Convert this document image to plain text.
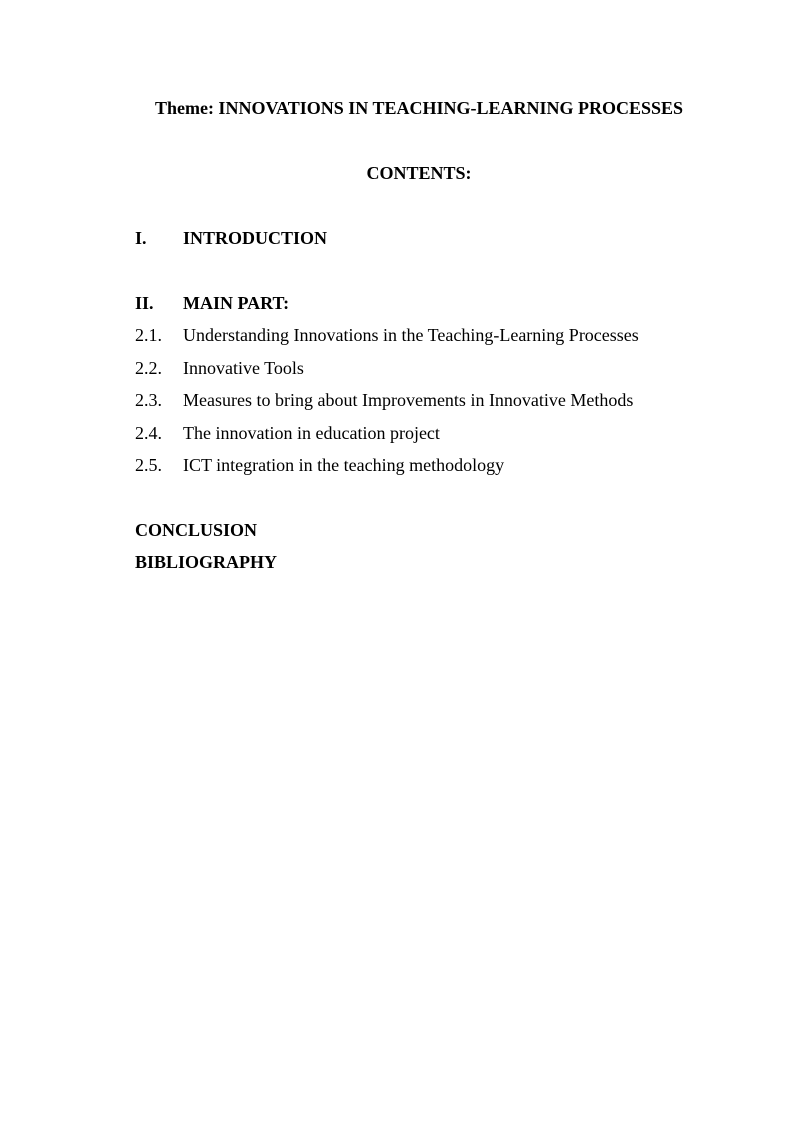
Theme: INNOVATIONS IN TEACHING-LEARNING PROCESSES
CONTENTS:
I. INTRODUCTION
II. MAIN PART:
2.1. Understanding Innovations in the Teaching-Learning Processes
2.2. Innovative Tools
2.3. Measures to bring about Improvements in Innovative Methods
2.4. The innovation in education project
2.5. ICT integration in the teaching methodology
CONCLUSION
BIBLIOGRAPHY
